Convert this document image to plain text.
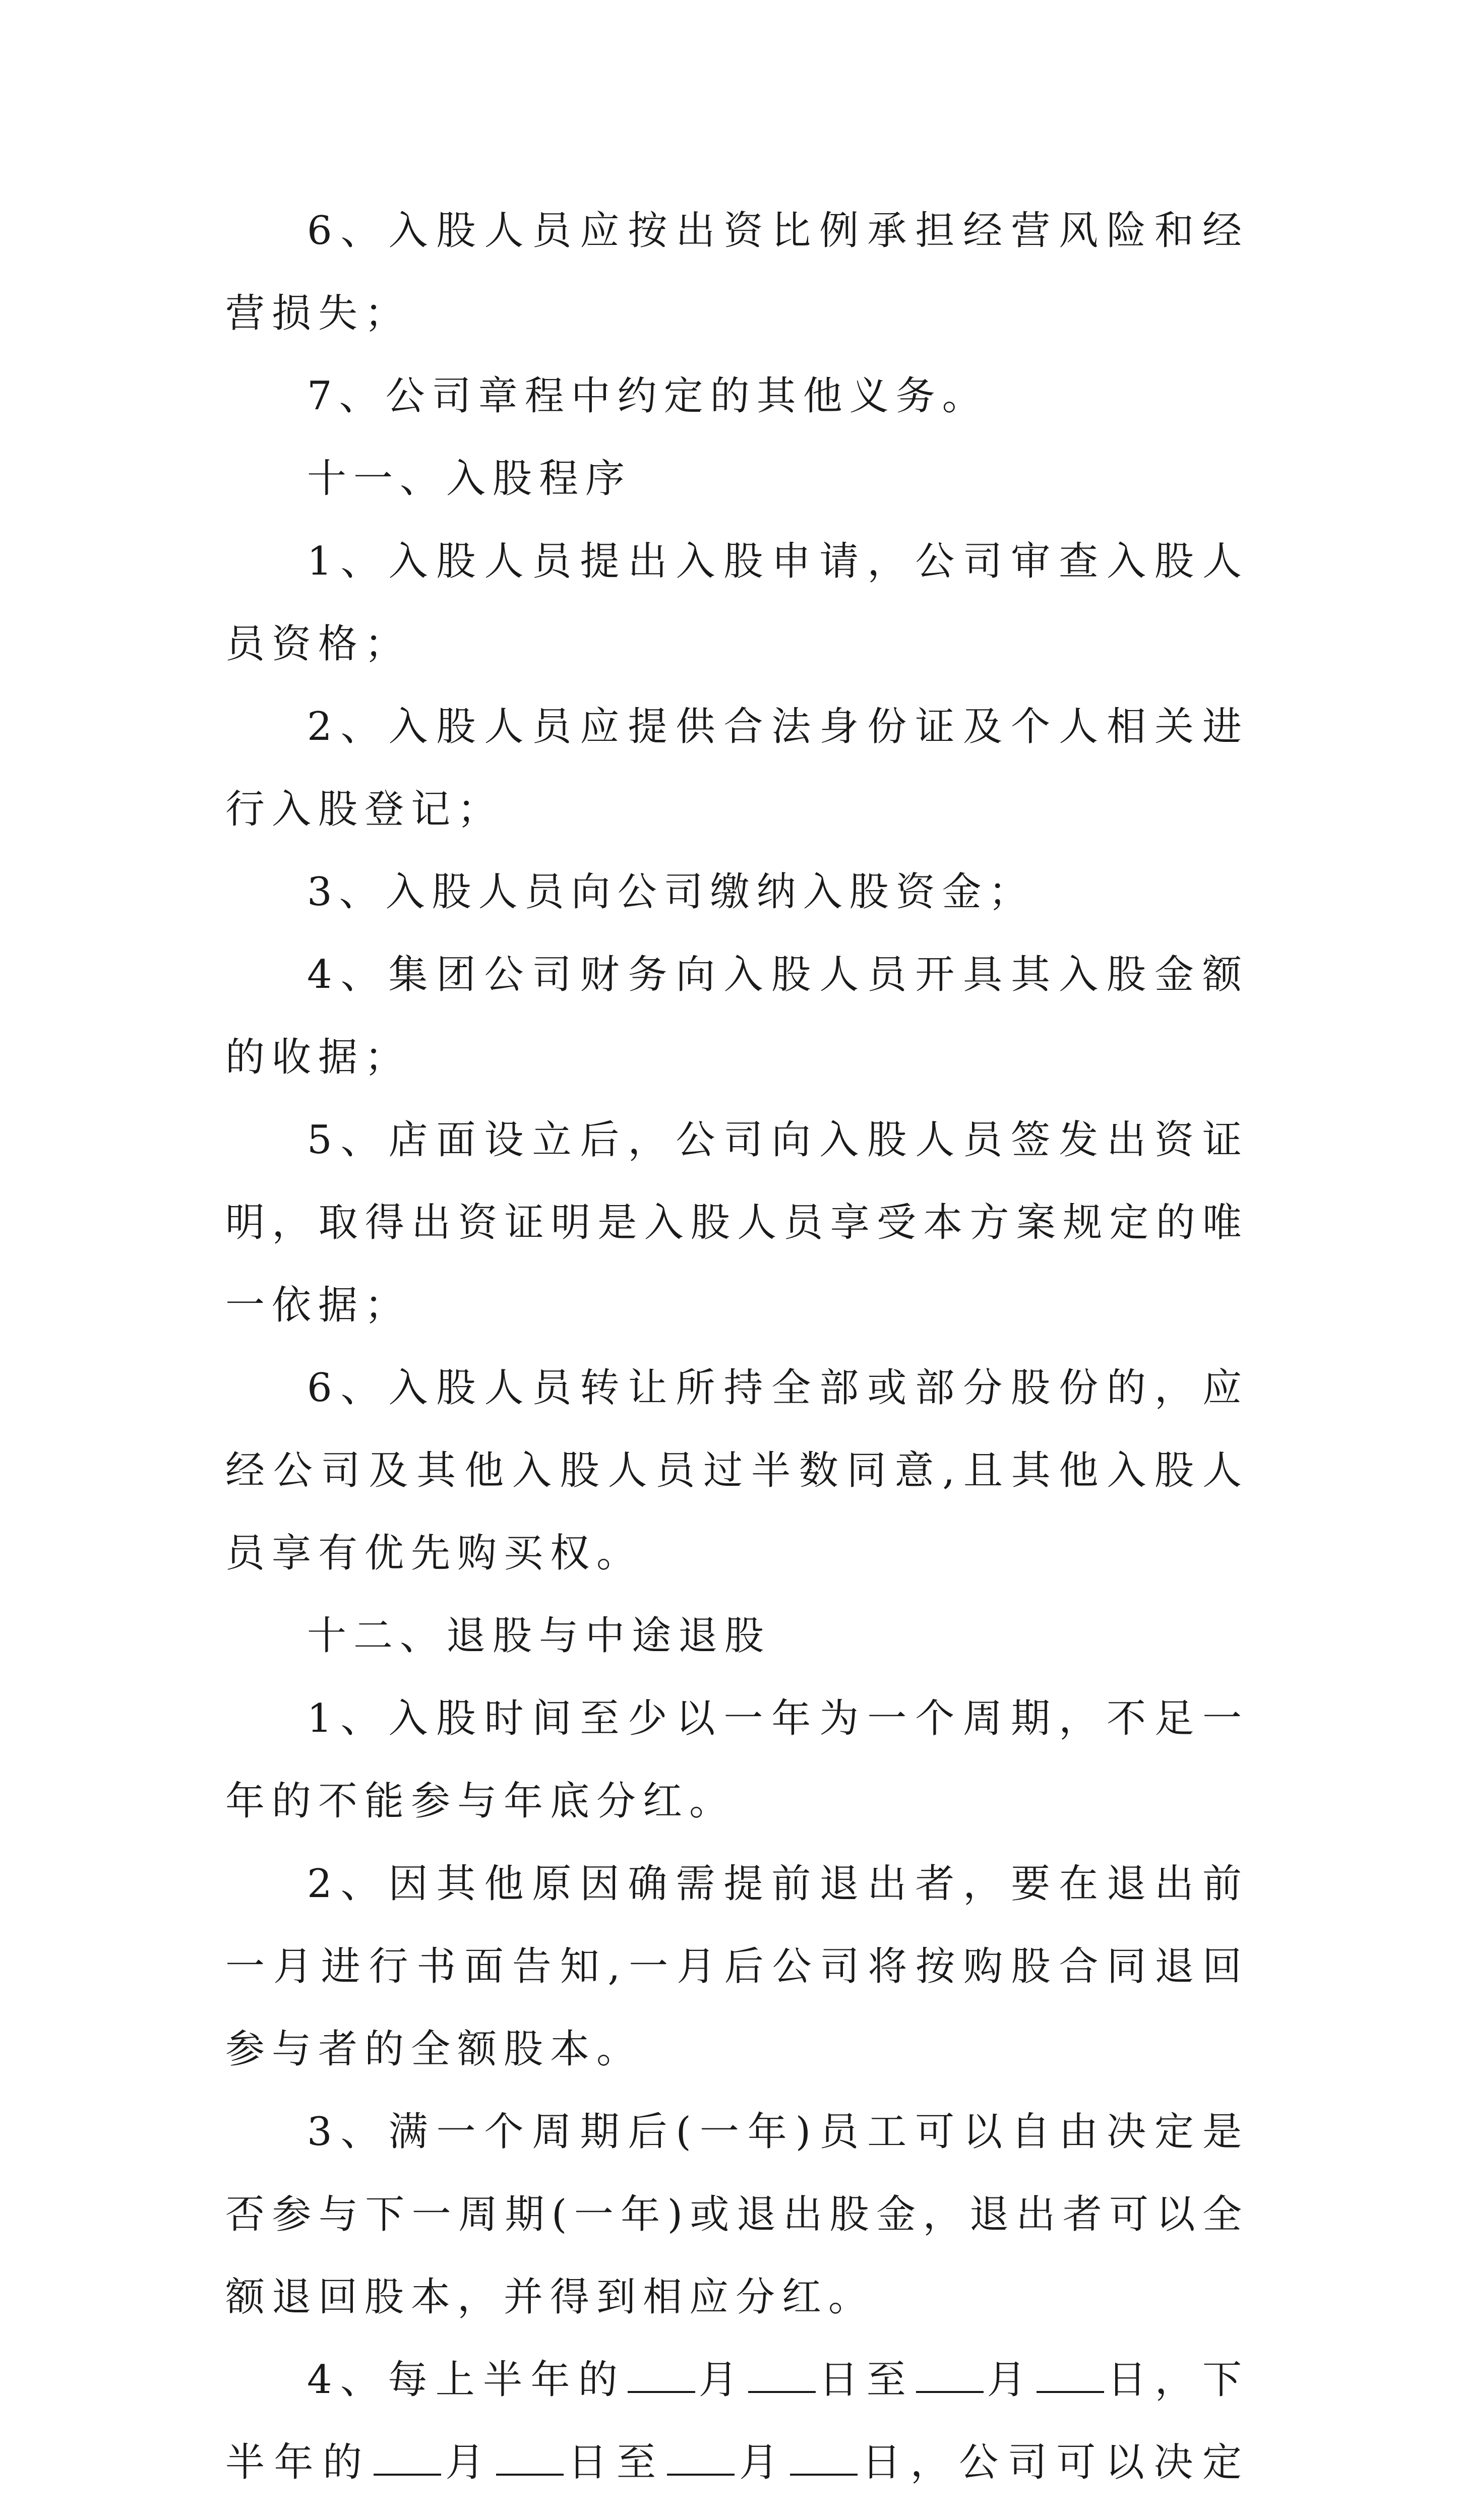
6、入股人员应按出资比例承担经营风险和经营损失；

7、公司章程中约定的其他义务。

十一、入股程序

1、入股人员提出入股申请，公司审查入股人员资格；

2、入股人员应提供合法身份证及个人相关进行入股登记；

3、入股人员向公司缴纳入股资金；

4、集团公司财务向入股人员开具其入股金额的收据；

5、店面设立后，公司向入股人员签发出资证明，取得出资证明是入股人员享受本方案规定的唯一依据；

6、入股人员转让所持全部或部分股份的，应经公司及其他入股人员过半数同意,且其他入股人员享有优先购买权。

十二、退股与中途退股

1、入股时间至少以一年为一个周期，不足一年的不能参与年底分红。

2、因其他原因确需提前退出者，要在退出前一月进行书面告知,一月后公司将按购股合同退回参与者的全额股本。

3、满一个周期后(一年)员工可以自由决定是否参与下一周期(一年)或退出股金，退出者可以全额退回股本，并得到相应分红。

4、每上半年的 月 日至 月 日，下半年的 月 日至 月 日，公司可以决定
